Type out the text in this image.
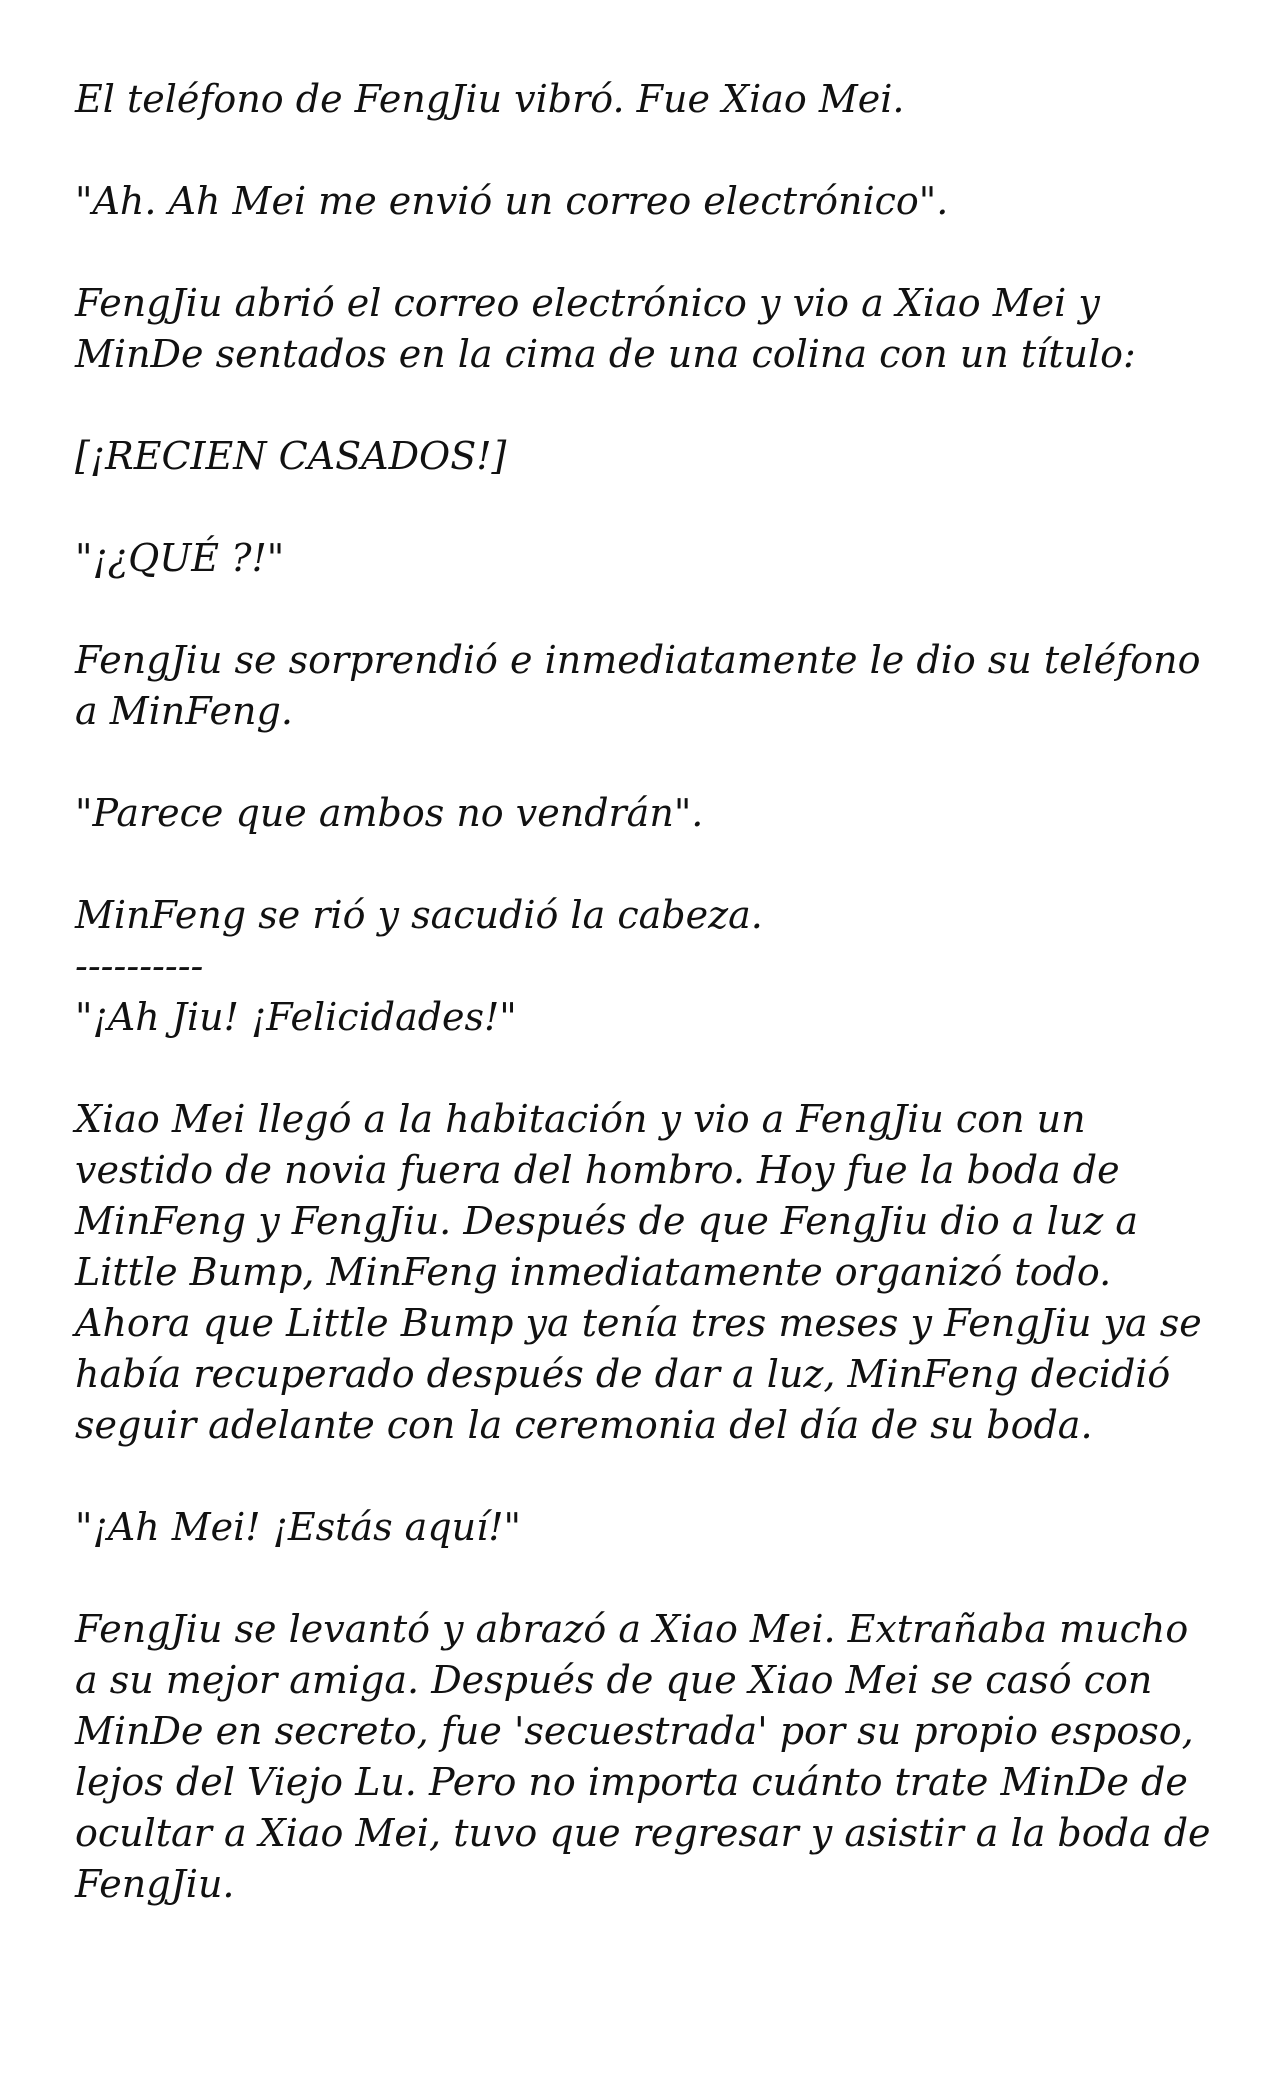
El teléfono de FengJiu vibró. Fue Xiao Mei.

"Ah. Ah Mei me envió un correo electrónico".

FengJiu abrió el correo electrónico y vio a Xiao Mei y MinDe sentados en la cima de una colina con un título:

[¡RECIEN CASADOS!]

"¡¿QUÉ ?!"

FengJiu se sorprendió e inmediatamente le dio su teléfono a MinFeng.

"Parece que ambos no vendrán".

MinFeng se rió y sacudió la cabeza.

----------

"¡Ah Jiu! ¡Felicidades!"

Xiao Mei llegó a la habitación y vio a FengJiu con un vestido de novia fuera del hombro. Hoy fue la boda de MinFeng y FengJiu. Después de que FengJiu dio a luz a Little Bump, MinFeng inmediatamente organizó todo. Ahora que Little Bump ya tenía tres meses y FengJiu ya se había recuperado después de dar a luz, MinFeng decidió seguir adelante con la ceremonia del día de su boda.

"¡Ah Mei! ¡Estás aquí!"

FengJiu se levantó y abrazó a Xiao Mei. Extrañaba mucho a su mejor amiga. Después de que Xiao Mei se casó con MinDe en secreto, fue 'secuestrada' por su propio esposo, lejos del Viejo Lu. Pero no importa cuánto trate MinDe de ocultar a Xiao Mei, tuvo que regresar y asistir a la boda de FengJiu.
